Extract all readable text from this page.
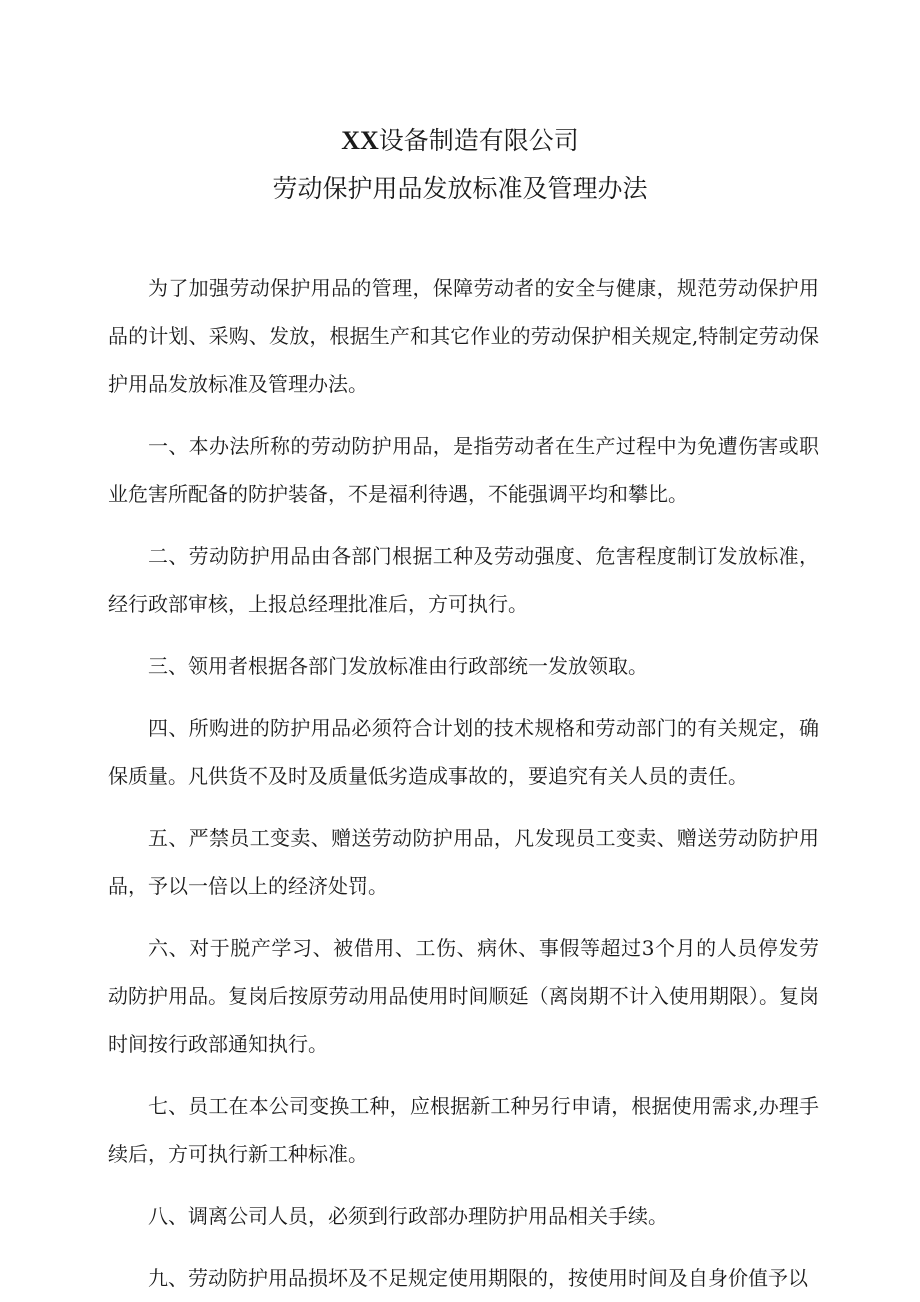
XX设备制造有限公司
劳动保护用品发放标准及管理办法

为了加强劳动保护用品的管理，保障劳动者的安全与健康，规范劳动保护用品的计划、采购、发放，根据生产和其它作业的劳动保护相关规定,特制定劳动保护用品发放标准及管理办法。

一、本办法所称的劳动防护用品，是指劳动者在生产过程中为免遭伤害或职业危害所配备的防护装备，不是福利待遇，不能强调平均和攀比。

二、劳动防护用品由各部门根据工种及劳动强度、危害程度制订发放标准，经行政部审核，上报总经理批准后，方可执行。

三、领用者根据各部门发放标准由行政部统一发放领取。

四、所购进的防护用品必须符合计划的技术规格和劳动部门的有关规定，确保质量。凡供货不及时及质量低劣造成事故的，要追究有关人员的责任。

五、严禁员工变卖、赠送劳动防护用品，凡发现员工变卖、赠送劳动防护用品，予以一倍以上的经济处罚。

六、对于脱产学习、被借用、工伤、病休、事假等超过3个月的人员停发劳动防护用品。复岗后按原劳动用品使用时间顺延（离岗期不计入使用期限）。复岗时间按行政部通知执行。

七、员工在本公司变换工种，应根据新工种另行申请，根据使用需求,办理手续后，方可执行新工种标准。

八、调离公司人员，必须到行政部办理防护用品相关手续。

九、劳动防护用品损坏及不足规定使用期限的，按使用时间及自身价值予以
